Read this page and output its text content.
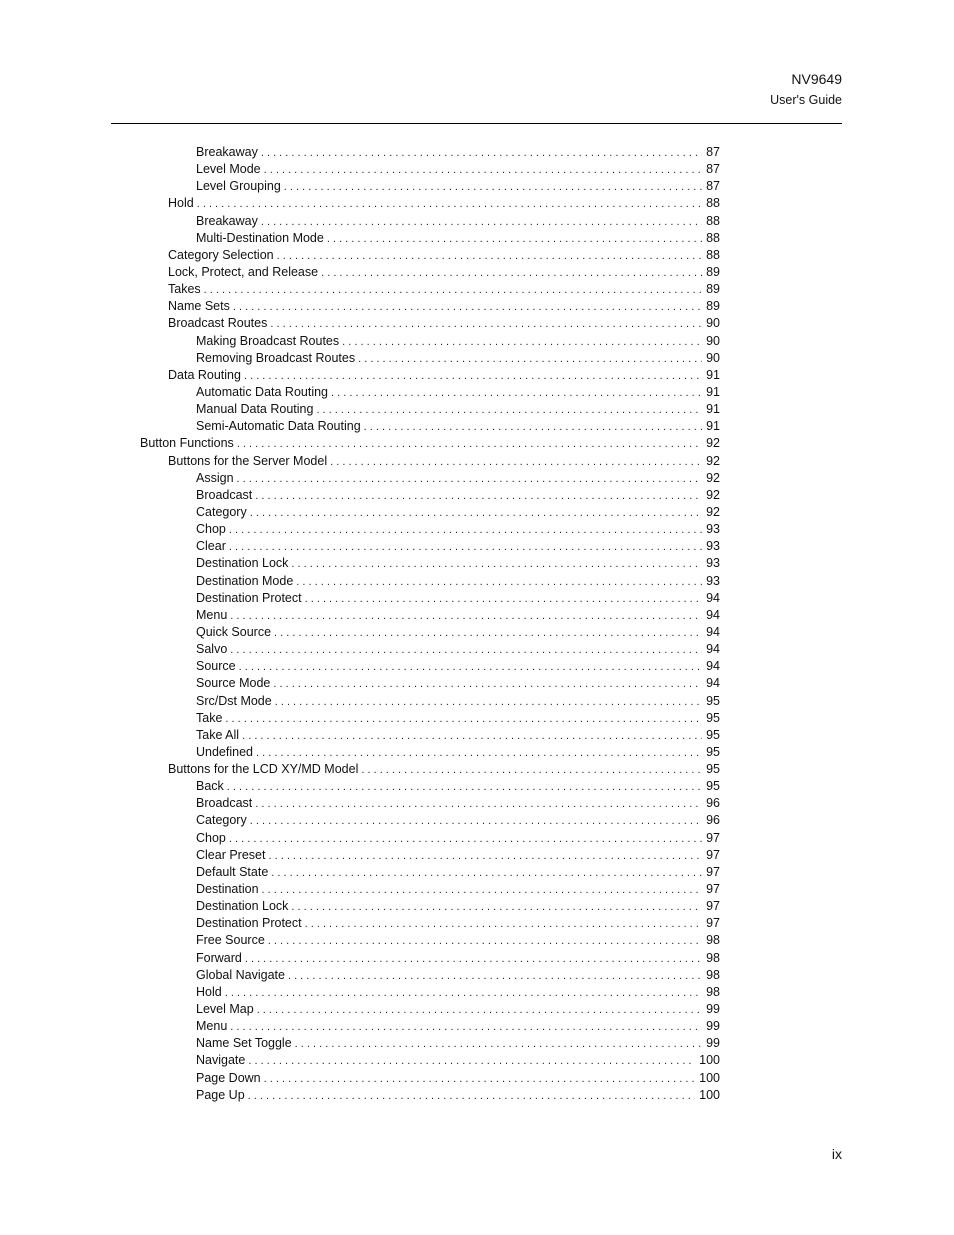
NV9649
User's Guide
Breakaway . . .	87
Level Mode . . .	87
Level Grouping . . .	87
Hold . . .	88
Breakaway . . .	88
Multi-Destination Mode . . .	88
Category Selection . . .	88
Lock, Protect, and Release . . .	89
Takes . . .	89
Name Sets . . .	89
Broadcast Routes . . .	90
Making Broadcast Routes . . .	90
Removing Broadcast Routes . . .	90
Data Routing . . .	91
Automatic Data Routing . . .	91
Manual Data Routing . . .	91
Semi-Automatic Data Routing . . .	91
Button Functions . . .	92
Buttons for the Server Model . . .	92
Assign . . .	92
Broadcast . . .	92
Category . . .	92
Chop . . .	93
Clear . . .	93
Destination Lock . . .	93
Destination Mode . . .	93
Destination Protect . . .	94
Menu . . .	94
Quick Source . . .	94
Salvo . . .	94
Source . . .	94
Source Mode . . .	94
Src/Dst Mode . . .	95
Take . . .	95
Take All . . .	95
Undefined . . .	95
Buttons for the LCD XY/MD Model . . .	95
Back . . .	95
Broadcast . . .	96
Category . . .	96
Chop . . .	97
Clear Preset . . .	97
Default State . . .	97
Destination . . .	97
Destination Lock . . .	97
Destination Protect . . .	97
Free Source . . .	98
Forward . . .	98
Global Navigate . . .	98
Hold . . .	98
Level Map . . .	99
Menu . . .	99
Name Set Toggle . . .	99
Navigate . . .	100
Page Down . . .	100
Page Up . . .	100
ix
